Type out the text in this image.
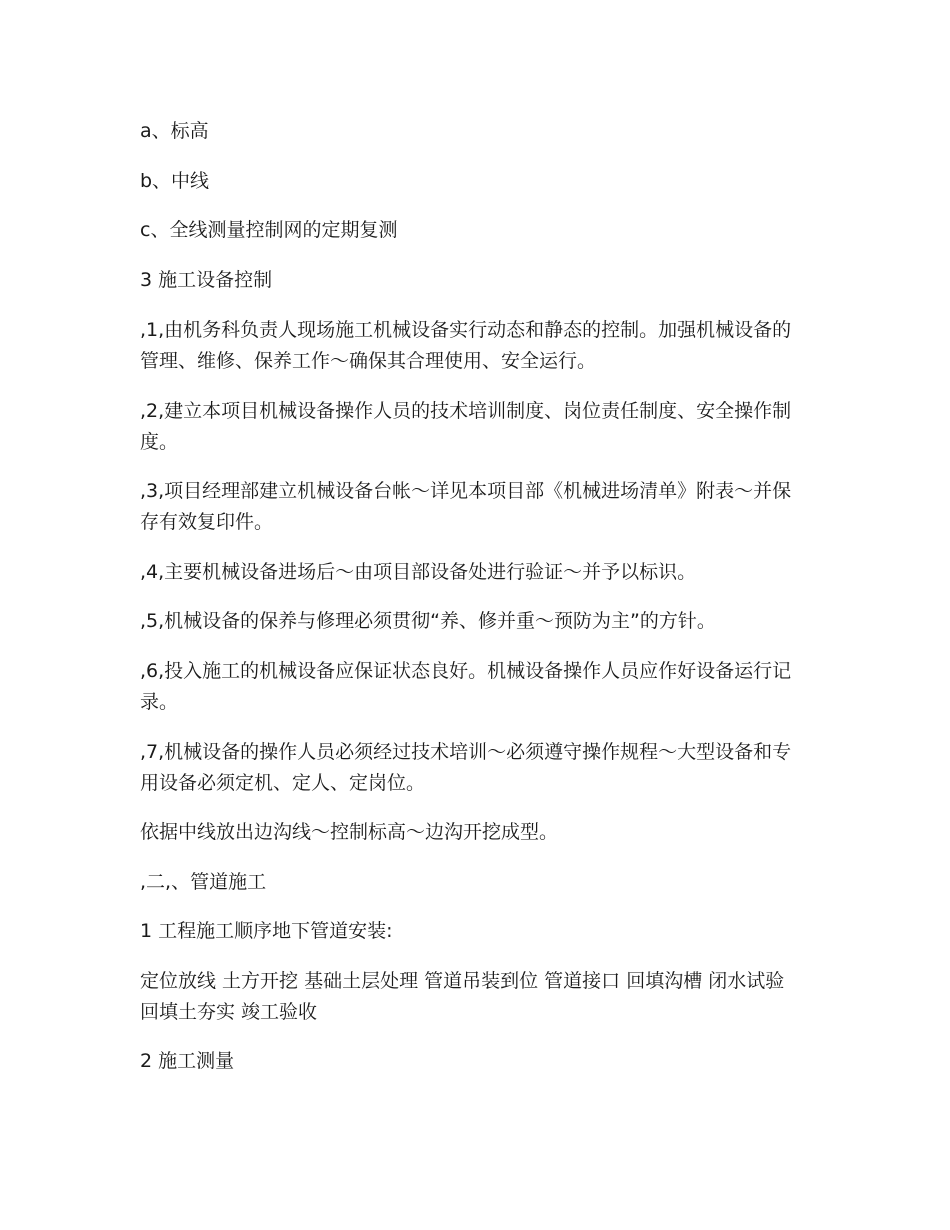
a、标高

b、中线

c、全线测量控制网的定期复测

3 施工设备控制

,1,由机务科负责人现场施工机械设备实行动态和静态的控制。加强机械设备的管理、维修、保养工作～确保其合理使用、安全运行。

,2,建立本项目机械设备操作人员的技术培训制度、岗位责任制度、安全操作制度。

,3,项目经理部建立机械设备台帐～详见本项目部《机械进场清单》附表～并保存有效复印件。

,4,主要机械设备进场后～由项目部设备处进行验证～并予以标识。

,5,机械设备的保养与修理必须贯彻“养、修并重～预防为主”的方针。

,6,投入施工的机械设备应保证状态良好。机械设备操作人员应作好设备运行记录。

,7,机械设备的操作人员必须经过技术培训～必须遵守操作规程～大型设备和专用设备必须定机、定人、定岗位。

依据中线放出边沟线～控制标高～边沟开挖成型。

,二,、管道施工

1 工程施工顺序地下管道安装:

定位放线 土方开挖 基础土层处理 管道吊装到位 管道接口 回填沟槽 闭水试验 回填土夯实 竣工验收

2 施工测量
